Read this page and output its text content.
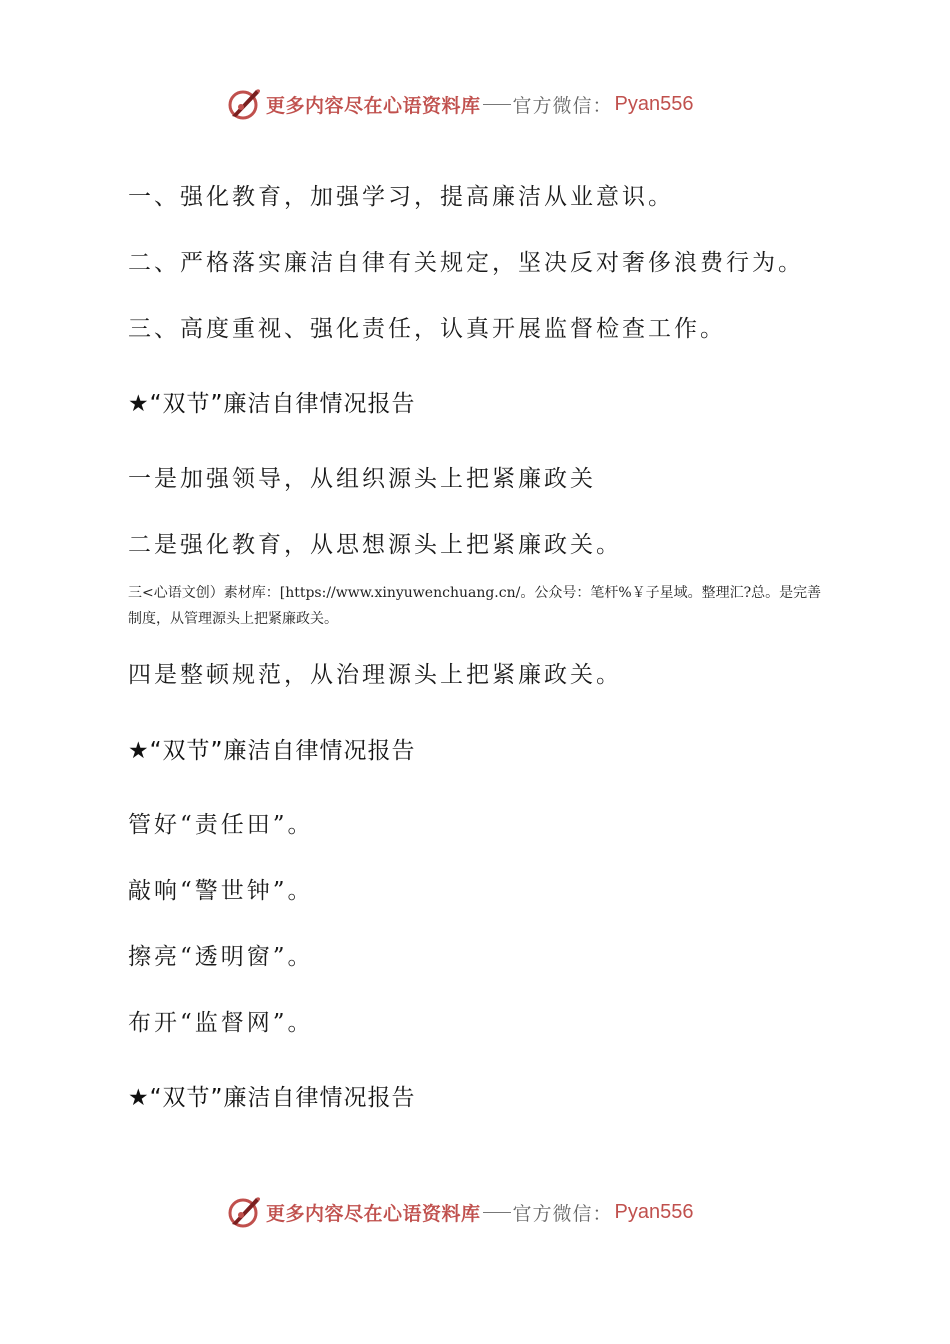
更多内容尽在心语资料库 官方微信： Pyan556
一、强化教育，加强学习，提高廉洁从业意识。
二、严格落实廉洁自律有关规定，坚决反对奢侈浪费行为。
三、高度重视、强化责任，认真开展监督检查工作。
★“双节”廉洁自律情况报告
一是加强领导，从组织源头上把紧廉政关
二是强化教育，从思想源头上把紧廉政关。
三<心语文创）素材库：[https://www.xinyuwenchuang.cn/。公众号：笔杆%￥子星域。整理汇?总。是完善制度，从管理源头上把紧廉政关。
四是整顿规范，从治理源头上把紧廉政关。
★“双节”廉洁自律情况报告
管好“责任田”。
敲响“警世钟”。
擦亮“透明窗”。
布开“监督网”。
★“双节”廉洁自律情况报告
更多内容尽在心语资料库 官方微信： Pyan556
